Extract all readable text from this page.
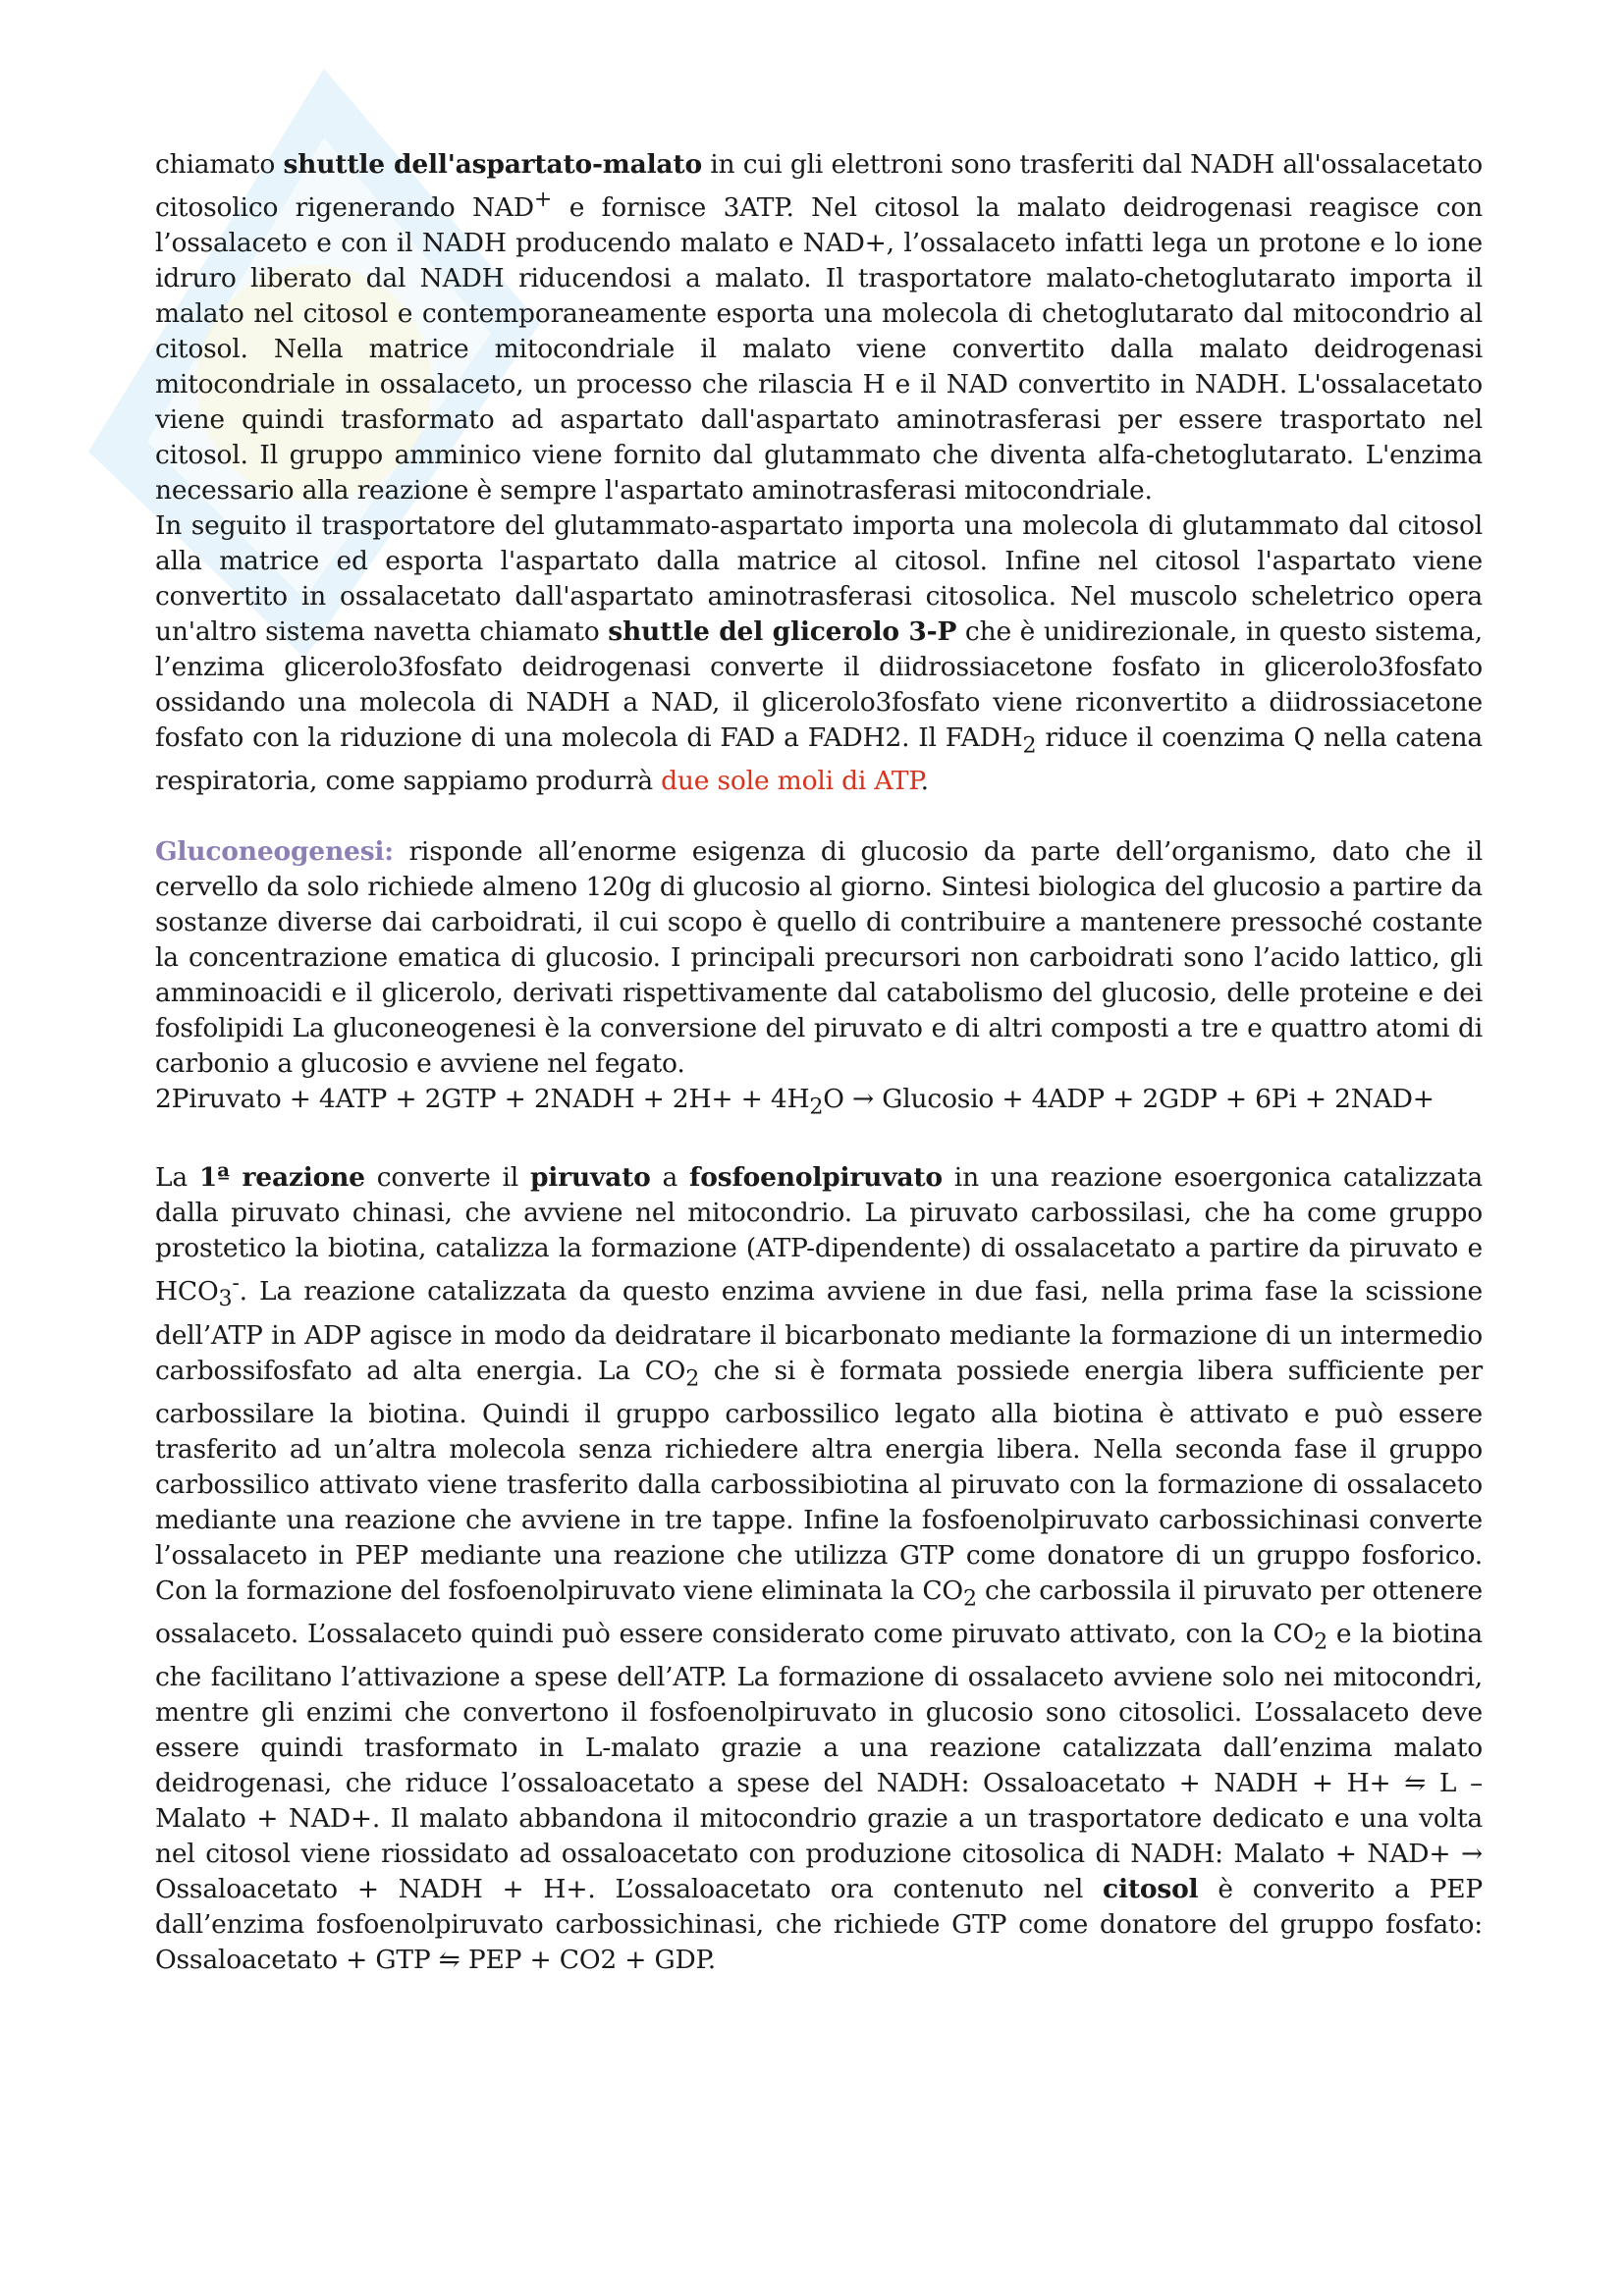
chiamato shuttle dell'aspartato-malato in cui gli elettroni sono trasferiti dal NADH all'ossalacetato citosolico rigenerando NAD+ e fornisce 3ATP. Nel citosol la malato deidrogenasi reagisce con l’ossalaceto e con il NADH producendo malato e NAD+, l’ossalaceto infatti lega un protone e lo ione idruro liberato dal NADH riducendosi a malato. Il trasportatore malato-chetoglutarato importa il malato nel citosol e contemporaneamente esporta una molecola di chetoglutarato dal mitocondrio al citosol. Nella matrice mitocondriale il malato viene convertito dalla malato deidrogenasi mitocondriale in ossalaceto, un processo che rilascia H e il NAD convertito in NADH. L'ossalacetato viene quindi trasformato ad aspartato dall'aspartato aminotrasferasi per essere trasportato nel citosol. Il gruppo amminico viene fornito dal glutammato che diventa alfa-chetoglutarato. L'enzima necessario alla reazione è sempre l'aspartato aminotrasferasi mitocondriale.

In seguito il trasportatore del glutammato-aspartato importa una molecola di glutammato dal citosol alla matrice ed esporta l'aspartato dalla matrice al citosol. Infine nel citosol l'aspartato viene convertito in ossalacetato dall'aspartato aminotrasferasi citosolica. Nel muscolo scheletrico opera un'altro sistema navetta chiamato shuttle del glicerolo 3-P che è unidirezionale, in questo sistema, l’enzima glicerolo3fosfato deidrogenasi converte il diidrossiacetone fosfato in glicerolo3fosfato ossidando una molecola di NADH a NAD, il glicerolo3fosfato viene riconvertito a diidrossiacetone fosfato con la riduzione di una molecola di FAD a FADH2. Il $FADH_2$ riduce il coenzima Q nella catena respiratoria, come sappiamo produrrà due sole moli di ATP.

Gluconeogenesi: risponde all’enorme esigenza di glucosio da parte dell’organismo, dato che il cervello da solo richiede almeno 120g di glucosio al giorno. Sintesi biologica del glucosio a partire da sostanze diverse dai carboidrati, il cui scopo è quello di contribuire a mantenere pressoché costante la concentrazione ematica di glucosio. I principali precursori non carboidrati sono l’acido lattico, gli amminoacidi e il glicerolo, derivati rispettivamente dal catabolismo del glucosio, delle proteine e dei fosfolipidi La gluconeogenesi è la conversione del piruvato e di altri composti a tre e quattro atomi di carbonio a glucosio e avviene nel fegato.

2Piruvato + 4ATP + 2GTP + 2NADH + $2H+ + 4H_2O$ → Glucosio + 4ADP + 2GDP + 6Pi + 2NAD+

La 1ª reazione converte il piruvato a fosfoenolpiruvato in una reazione esoergonica catalizzata dalla piruvato chinasi, che avviene nel mitocondrio. La piruvato carbossilasi, che ha come gruppo prostetico la biotina, catalizza la formazione (ATP-dipendente) di ossalacetato a partire da piruvato e $HCO_3^-$. La reazione catalizzata da questo enzima avviene in due fasi, nella prima fase la scissione dell’ATP in ADP agisce in modo da deidratare il bicarbonato mediante la formazione di un intermedio carbossifosfato ad alta energia. La $CO_2$ che si è formata possiede energia libera sufficiente per carbossilare la biotina. Quindi il gruppo carbossilico legato alla biotina è attivato e può essere trasferito ad un’altra molecola senza richiedere altra energia libera. Nella seconda fase il gruppo carbossilico attivato viene trasferito dalla carbossibiotina al piruvato con la formazione di ossalaceto mediante una reazione che avviene in tre tappe. Infine la fosfoenolpiruvato carbossichinasi converte l’ossalaceto in PEP mediante una reazione che utilizza GTP come donatore di un gruppo fosforico. Con la formazione del fosfoenolpiruvato viene eliminata la $CO_2$ che carbossila il piruvato per ottenere ossalaceto. L’ossalaceto quindi può essere considerato come piruvato attivato, con la $CO_2$ e la biotina che facilitano l’attivazione a spese dell’ATP. La formazione di ossalaceto avviene solo nei mitocondri, mentre gli enzimi che convertono il fosfoenolpiruvato in glucosio sono citosolici. L’ossalaceto deve essere quindi trasformato in L-malato grazie a una reazione catalizzata dall’enzima malato deidrogenasi, che riduce l’ossaloacetato a spese del NADH: Ossaloacetato + NADH + H+ ⇋ L – Malato + NAD+. Il malato abbandona il mitocondrio grazie a un trasportatore dedicato e una volta nel citosol viene riossidato ad ossaloacetato con produzione citosolica di NADH: Malato + NAD+ → Ossaloacetato + NADH + H+. L’ossaloacetato ora contenuto nel citosol è converito a PEP dall’enzima fosfoenolpiruvato carbossichinasi, che richiede GTP come donatore del gruppo fosfato: Ossaloacetato + GTP ⇋ PEP + CO2 + GDP.
